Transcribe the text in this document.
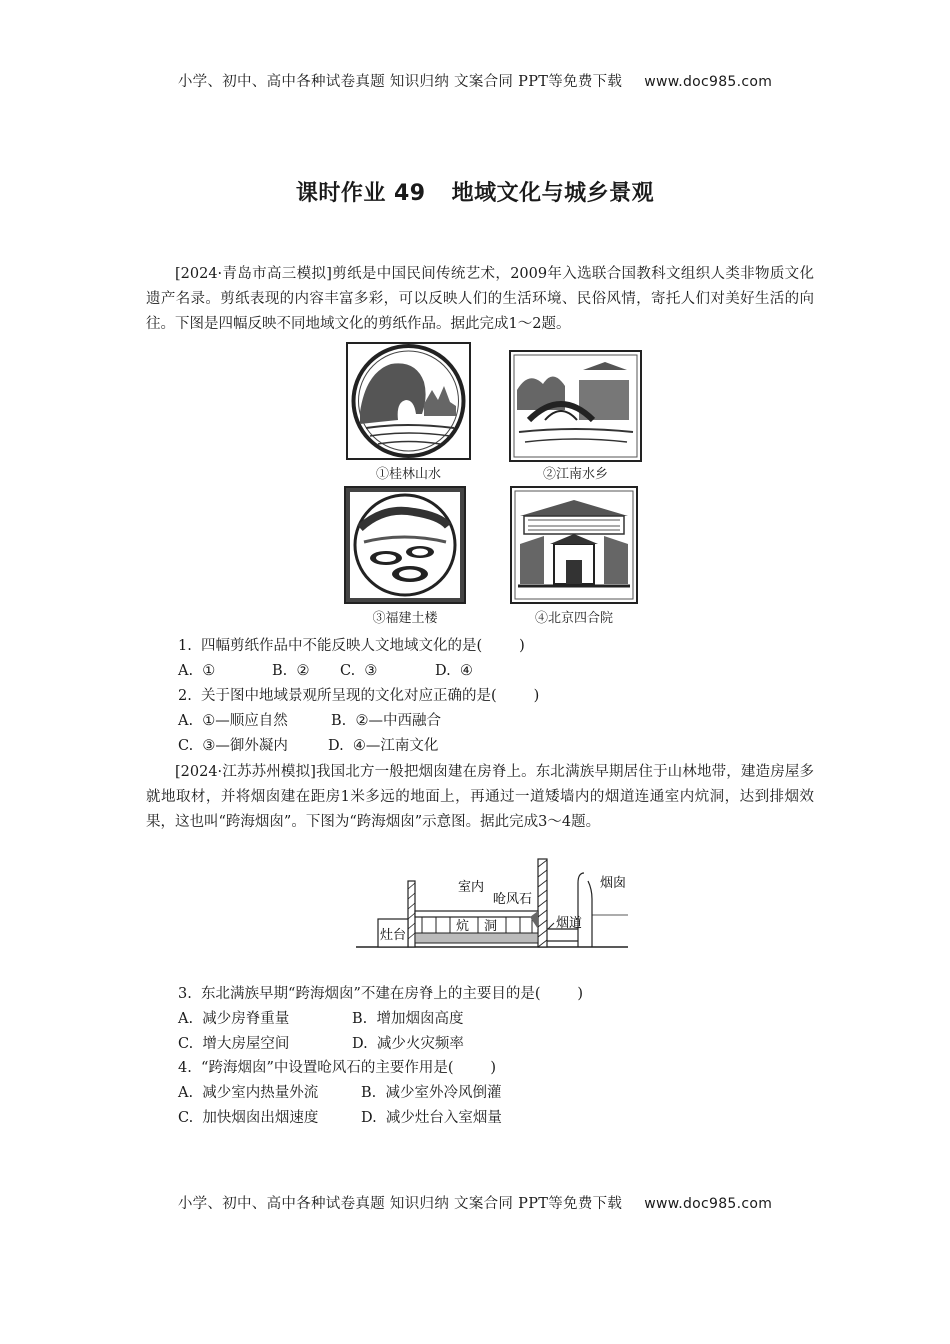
小学、初中、高中各种试卷真题 知识归纳 文案合同 PPT等免费下载 www.doc985.com
课时作业 49 地域文化与城乡景观
[2024·青岛市高三模拟]剪纸是中国民间传统艺术，2009年入选联合国教科文组织人类非物质文化遗产名录。剪纸表现的内容丰富多彩，可以反映人们的生活环境、民俗风情，寄托人们对美好生活的向往。下图是四幅反映不同地域文化的剪纸作品。据此完成1～2题。
①桂林山水	②江南水乡
③福建土楼	④北京四合院
1.  四幅剪纸作品中不能反映人文地域文化的是(        )
A.  ①	B.  ② C.  ③	D.  ④
2.  关于图中地域景观所呈现的文化对应正确的是(        )
A.  ①—顺应自然	B.  ②—中西融合
C.  ③—御外凝内	D.  ④—江南文化
[2024·江苏苏州模拟]我国北方一般把烟囱建在房脊上。东北满族早期居住于山林地带，建造房屋多就地取材，并将烟囱建在距房1米多远的地面上，再通过一道矮墙内的烟道连通室内炕洞，达到排烟效果，这也叫“跨海烟囱”。下图为“跨海烟囱”示意图。据此完成3～4题。
灶台
炕 洞
呛风石
室内
烟道
烟囱
3.  东北满族早期“跨海烟囱”不建在房脊上的主要目的是(        )
A.  减少房脊重量	B.  增加烟囱高度
C.  增大房屋空间	D.  减少火灾频率
4.  “跨海烟囱”中设置呛风石的主要作用是(        )
A.  减少室内热量外流	B.  减少室外冷风倒灌
C.  加快烟囱出烟速度	D.  减少灶台入室烟量
小学、初中、高中各种试卷真题 知识归纳 文案合同 PPT等免费下载 www.doc985.com
